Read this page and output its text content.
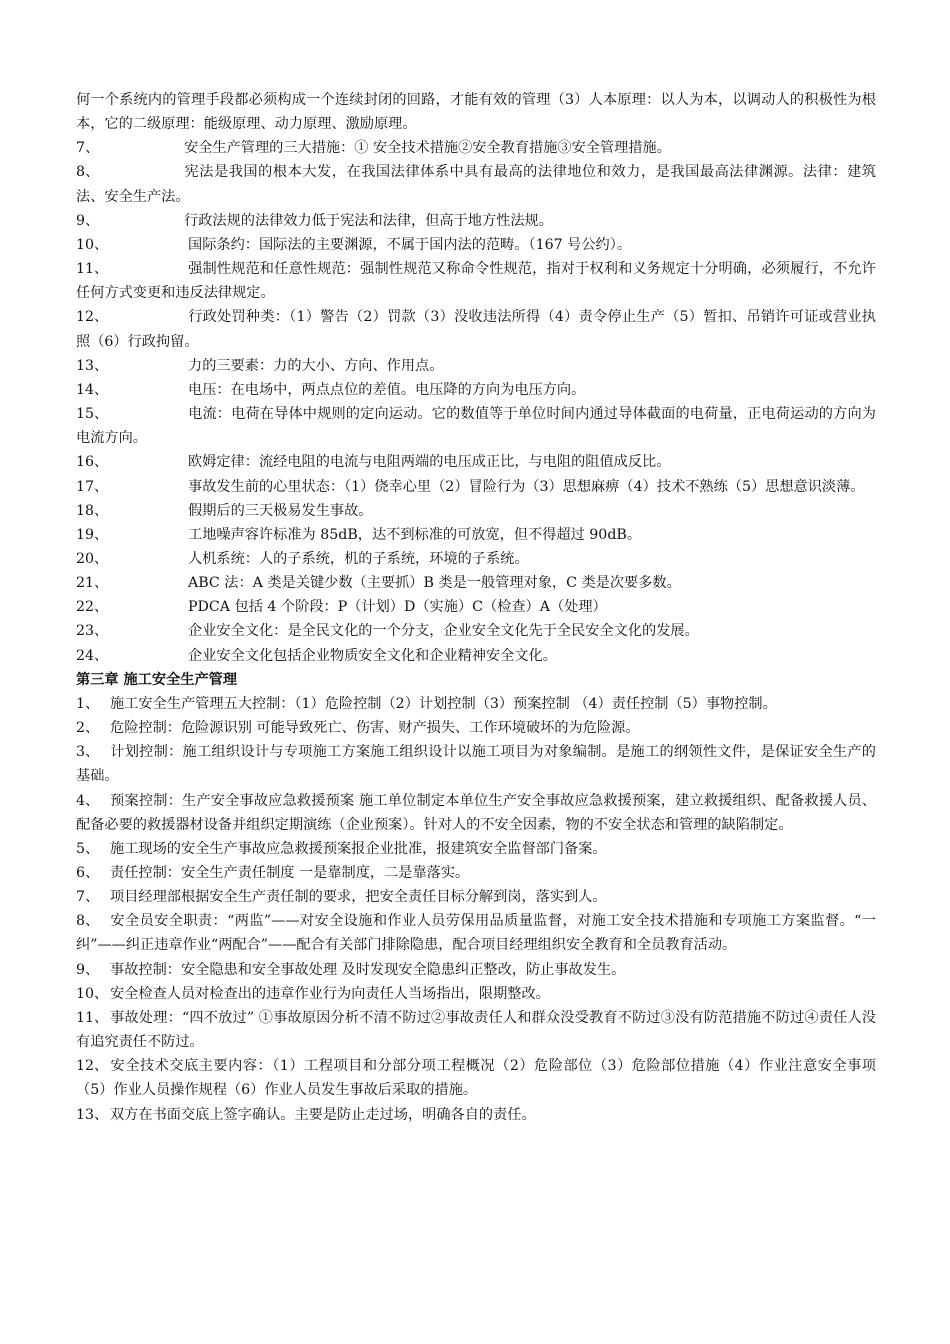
何一个系统内的管理手段都必须构成一个连续封闭的回路，才能有效的管理（3）人本原理：以人为本，以调动人的积极性为根本，它的二级原理：能级原理、动力原理、激励原理。

7、	安全生产管理的三大措施：① 安全技术措施②安全教育措施③安全管理措施。

8、	宪法是我国的根本大发，在我国法律体系中具有最高的法律地位和效力，是我国最高法律渊源。法律：建筑法、安全生产法。

9、	行政法规的法律效力低于宪法和法律，但高于地方性法规。

10、	国际条约：国际法的主要渊源，不属于国内法的范畴。（167 号公约）。

11、	强制性规范和任意性规范：强制性规范又称命令性规范，指对于权利和义务规定十分明确，必须履行，不允许任何方式变更和违反法律规定。

12、	行政处罚种类：（1）警告（2）罚款（3）没收违法所得（4）责令停止生产（5）暂扣、吊销许可证或营业执照（6）行政拘留。

13、	力的三要素：力的大小、方向、作用点。

14、	电压：在电场中，两点点位的差值。电压降的方向为电压方向。

15、	电流：电荷在导体中规则的定向运动。它的数值等于单位时间内通过导体截面的电荷量，正电荷运动的方向为电流方向。

16、	欧姆定律：流经电阻的电流与电阻两端的电压成正比，与电阻的阻值成反比。

17、	事故发生前的心里状态：（1）侥幸心里（2）冒险行为（3）思想麻痹（4）技术不熟练（5）思想意识淡薄。

18、	假期后的三天极易发生事故。

19、	工地噪声容许标准为 85dB，达不到标准的可放宽，但不得超过 90dB。

20、	人机系统：人的子系统，机的子系统，环境的子系统。

21、	ABC 法：A 类是关键少数（主要抓）B 类是一般管理对象，C 类是次要多数。

22、	PDCA 包括 4 个阶段：P（计划）D（实施）C（检查）A（处理）

23、	企业安全文化：是全民文化的一个分支，企业安全文化先于全民安全文化的发展。

24、	企业安全文化包括企业物质安全文化和企业精神安全文化。

第三章 施工安全生产管理

1、 施工安全生产管理五大控制：（1）危险控制（2）计划控制（3）预案控制 （4）责任控制（5）事物控制。

2、 危险控制：危险源识别 可能导致死亡、伤害、财产损失、工作环境破坏的为危险源。

3、 计划控制：施工组织设计与专项施工方案施工组织设计以施工项目为对象编制。是施工的纲领性文件，是保证安全生产的基础。

4、 预案控制：生产安全事故应急救援预案 施工单位制定本单位生产安全事故应急救援预案，建立救援组织、配备救援人员、配备必要的救援器材设备并组织定期演练（企业预案）。针对人的不安全因素，物的不安全状态和管理的缺陷制定。

5、 施工现场的安全生产事故应急救援预案报企业批准，报建筑安全监督部门备案。

6、 责任控制：安全生产责任制度 一是靠制度，二是靠落实。

7、 项目经理部根据安全生产责任制的要求，把安全责任目标分解到岗，落实到人。

8、 安全员安全职责：“两监”——对安全设施和作业人员劳保用品质量监督，对施工安全技术措施和专项施工方案监督。“一纠”——纠正违章作业“两配合”——配合有关部门排除隐患，配合项目经理组织安全教育和全员教育活动。

9、 事故控制：安全隐患和安全事故处理 及时发现安全隐患纠正整改，防止事故发生。

10、 安全检查人员对检查出的违章作业行为向责任人当场指出，限期整改。

11、 事故处理：“四不放过” ①事故原因分析不清不防过②事故责任人和群众没受教育不防过③没有防范措施不防过④责任人没有追究责任不防过。

12、 安全技术交底主要内容：（1）工程项目和分部分项工程概况（2）危险部位（3）危险部位措施（4）作业注意安全事项（5）作业人员操作规程（6）作业人员发生事故后采取的措施。

13、 双方在书面交底上签字确认。主要是防止走过场，明确各自的责任。
